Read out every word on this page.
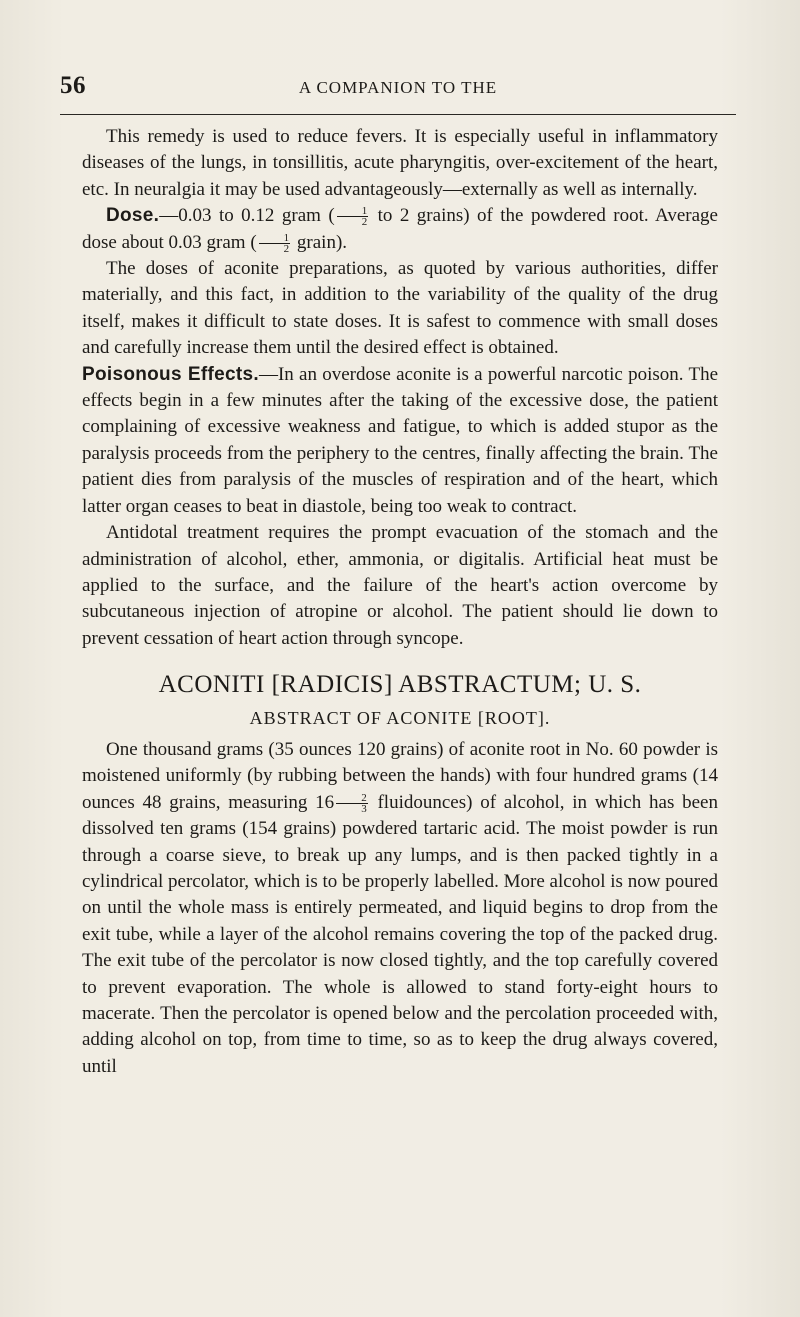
56	A COMPANION TO THE

This remedy is used to reduce fevers. It is especially useful in inflammatory diseases of the lungs, in tonsillitis, acute pharyngitis, over-excitement of the heart, etc. In neuralgia it may be used advantageously—externally as well as internally.

Dose.—0.03 to 0.12 gram ( $\frac{1}{2}$ to 2 grains) of the powdered root. Average dose about 0.03 gram ( $\frac{1}{2}$ grain).

The doses of aconite preparations, as quoted by various authorities, differ materially, and this fact, in addition to the variability of the quality of the drug itself, makes it difficult to state doses. It is safest to commence with small doses and carefully increase them until the desired effect is obtained.

Poisonous Effects.—In an overdose aconite is a powerful narcotic poison. The effects begin in a few minutes after the taking of the excessive dose, the patient complaining of excessive weakness and fatigue, to which is added stupor as the paralysis proceeds from the periphery to the centres, finally affecting the brain. The patient dies from paralysis of the muscles of respiration and of the heart, which latter organ ceases to beat in diastole, being too weak to contract.

Antidotal treatment requires the prompt evacuation of the stomach and the administration of alcohol, ether, ammonia, or digitalis. Artificial heat must be applied to the surface, and the failure of the heart's action overcome by subcutaneous injection of atropine or alcohol. The patient should lie down to prevent cessation of heart action through syncope.

ACONITI [RADICIS] ABSTRACTUM; U. S.
ABSTRACT OF ACONITE [ROOT].

One thousand grams (35 ounces 120 grains) of aconite root in No. 60 powder is moistened uniformly (by rubbing between the hands) with four hundred grams (14 ounces 48 grains, measuring $16 \frac{2}{3}$ fluidounces) of alcohol, in which has been dissolved ten grams (154 grains) powdered tartaric acid. The moist powder is run through a coarse sieve, to break up any lumps, and is then packed tightly in a cylindrical percolator, which is to be properly labelled. More alcohol is now poured on until the whole mass is entirely permeated, and liquid begins to drop from the exit tube, while a layer of the alcohol remains covering the top of the packed drug. The exit tube of the percolator is now closed tightly, and the top carefully covered to prevent evaporation. The whole is allowed to stand forty-eight hours to macerate. Then the percolator is opened below and the percolation proceeded with, adding alcohol on top, from time to time, so as to keep the drug always covered, until
